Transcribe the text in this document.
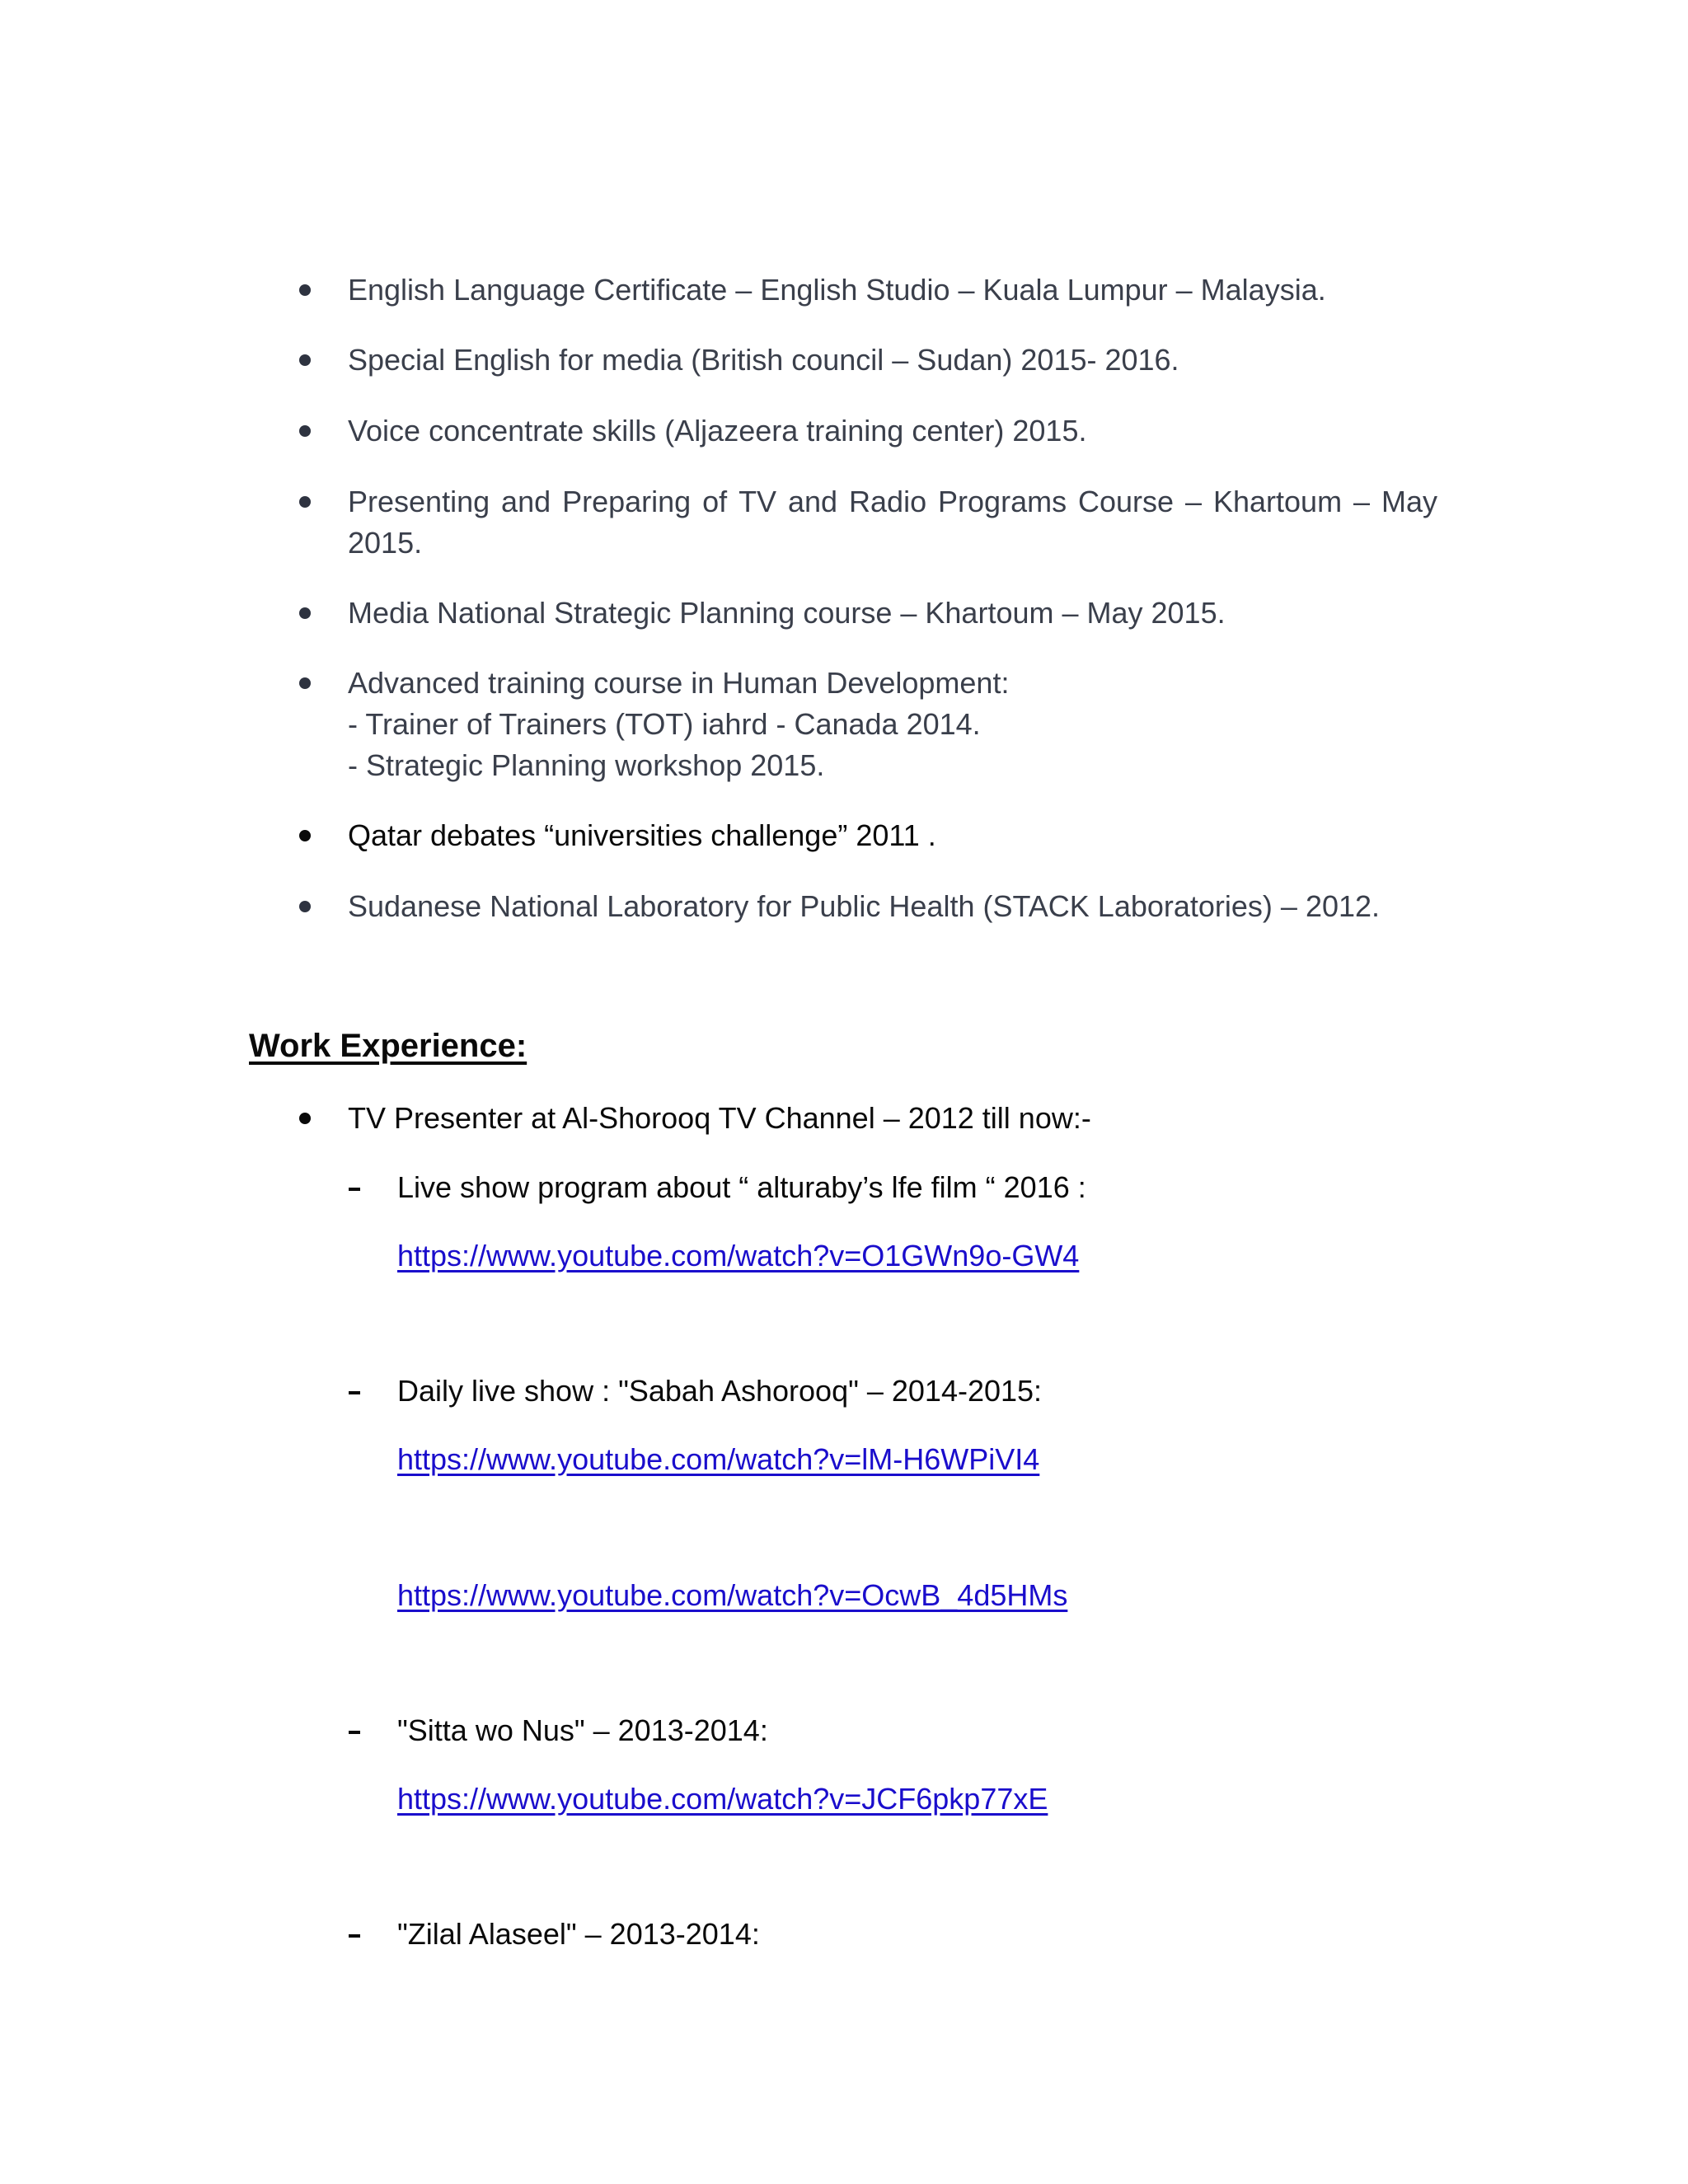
English Language Certificate – English Studio – Kuala Lumpur – Malaysia.
Special English for media (British council – Sudan) 2015- 2016.
Voice concentrate skills (Aljazeera training center) 2015.
Presenting and Preparing of TV and Radio Programs Course – Khartoum – May
2015.
Media National Strategic Planning course – Khartoum – May 2015.
Advanced training course in Human Development:
- Trainer of Trainers (TOT) iahrd - Canada 2014.
- Strategic Planning workshop 2015.
Qatar debates “universities challenge” 2011 .
Sudanese National Laboratory for Public Health (STACK Laboratories) – 2012.
Work Experience:
TV Presenter at Al-Shorooq TV Channel – 2012 till now:-
Live show program about “ alturaby’s lfe film “ 2016 :
https://www.youtube.com/watch?v=O1GWn9o-GW4
Daily live show : "Sabah Ashorooq" – 2014-2015:
https://www.youtube.com/watch?v=lM-H6WPiVI4
https://www.youtube.com/watch?v=OcwB_4d5HMs
"Sitta wo Nus" – 2013-2014:
https://www.youtube.com/watch?v=JCF6pkp77xE
"Zilal Alaseel" – 2013-2014:
